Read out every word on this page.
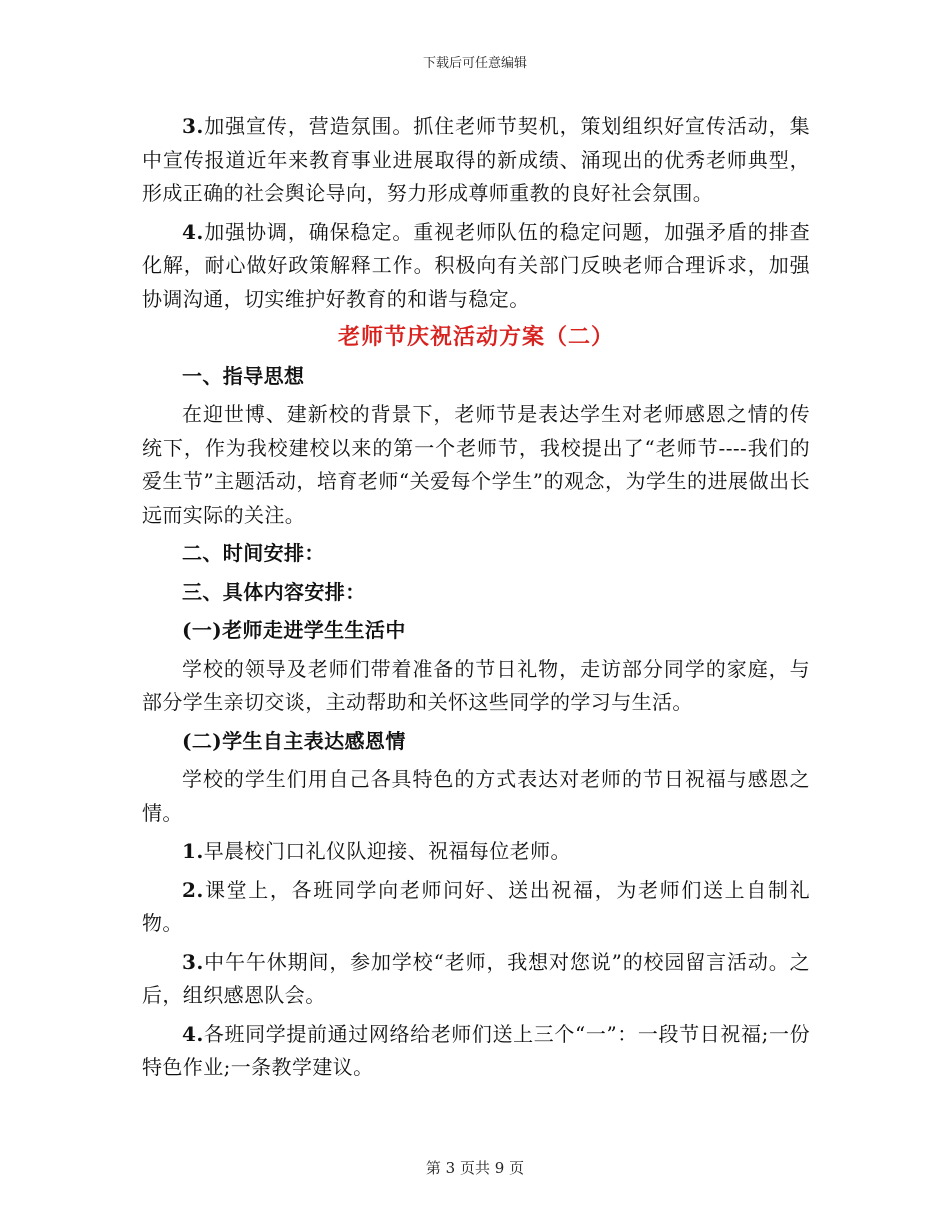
下载后可任意编辑

3.加强宣传，营造氛围。抓住老师节契机，策划组织好宣传活动，集中宣传报道近年来教育事业进展取得的新成绩、涌现出的优秀老师典型，形成正确的社会舆论导向，努力形成尊师重教的良好社会氛围。

4.加强协调，确保稳定。重视老师队伍的稳定问题，加强矛盾的排查化解，耐心做好政策解释工作。积极向有关部门反映老师合理诉求，加强协调沟通，切实维护好教育的和谐与稳定。

老师节庆祝活动方案（二）
一、指导思想

在迎世博、建新校的背景下，老师节是表达学生对老师感恩之情的传统下，作为我校建校以来的第一个老师节，我校提出了“老师节----我们的爱生节”主题活动，培育老师“关爱每个学生”的观念，为学生的进展做出长远而实际的关注。

二、时间安排：
三、具体内容安排：
(一)老师走进学生生活中

学校的领导及老师们带着准备的节日礼物，走访部分同学的家庭，与部分学生亲切交谈，主动帮助和关怀这些同学的学习与生活。

(二)学生自主表达感恩情

学校的学生们用自己各具特色的方式表达对老师的节日祝福与感恩之情。

1.早晨校门口礼仪队迎接、祝福每位老师。

2.课堂上，各班同学向老师问好、送出祝福，为老师们送上自制礼物。

3.中午午休期间，参加学校“老师，我想对您说”的校园留言活动。之后，组织感恩队会。

4.各班同学提前通过网络给老师们送上三个“一”：一段节日祝福;一份特色作业;一条教学建议。

第 3 页共 9 页
